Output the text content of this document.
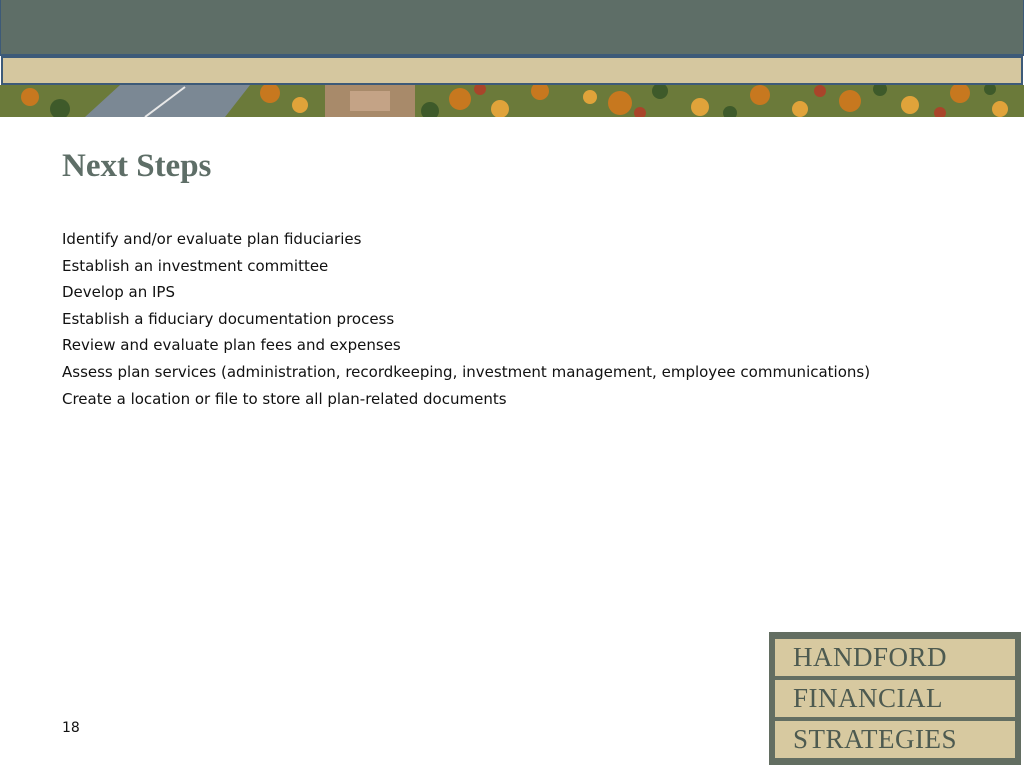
Next Steps
Identify and/or evaluate plan fiduciaries
Establish an investment committee
Develop an IPS
Establish a fiduciary documentation process
Review and evaluate plan fees and expenses
Assess plan services (administration, recordkeeping, investment management, employee communications)
Create a location or file to store all plan-related documents
18
HANDFORD
FINANCIAL
STRATEGIES
